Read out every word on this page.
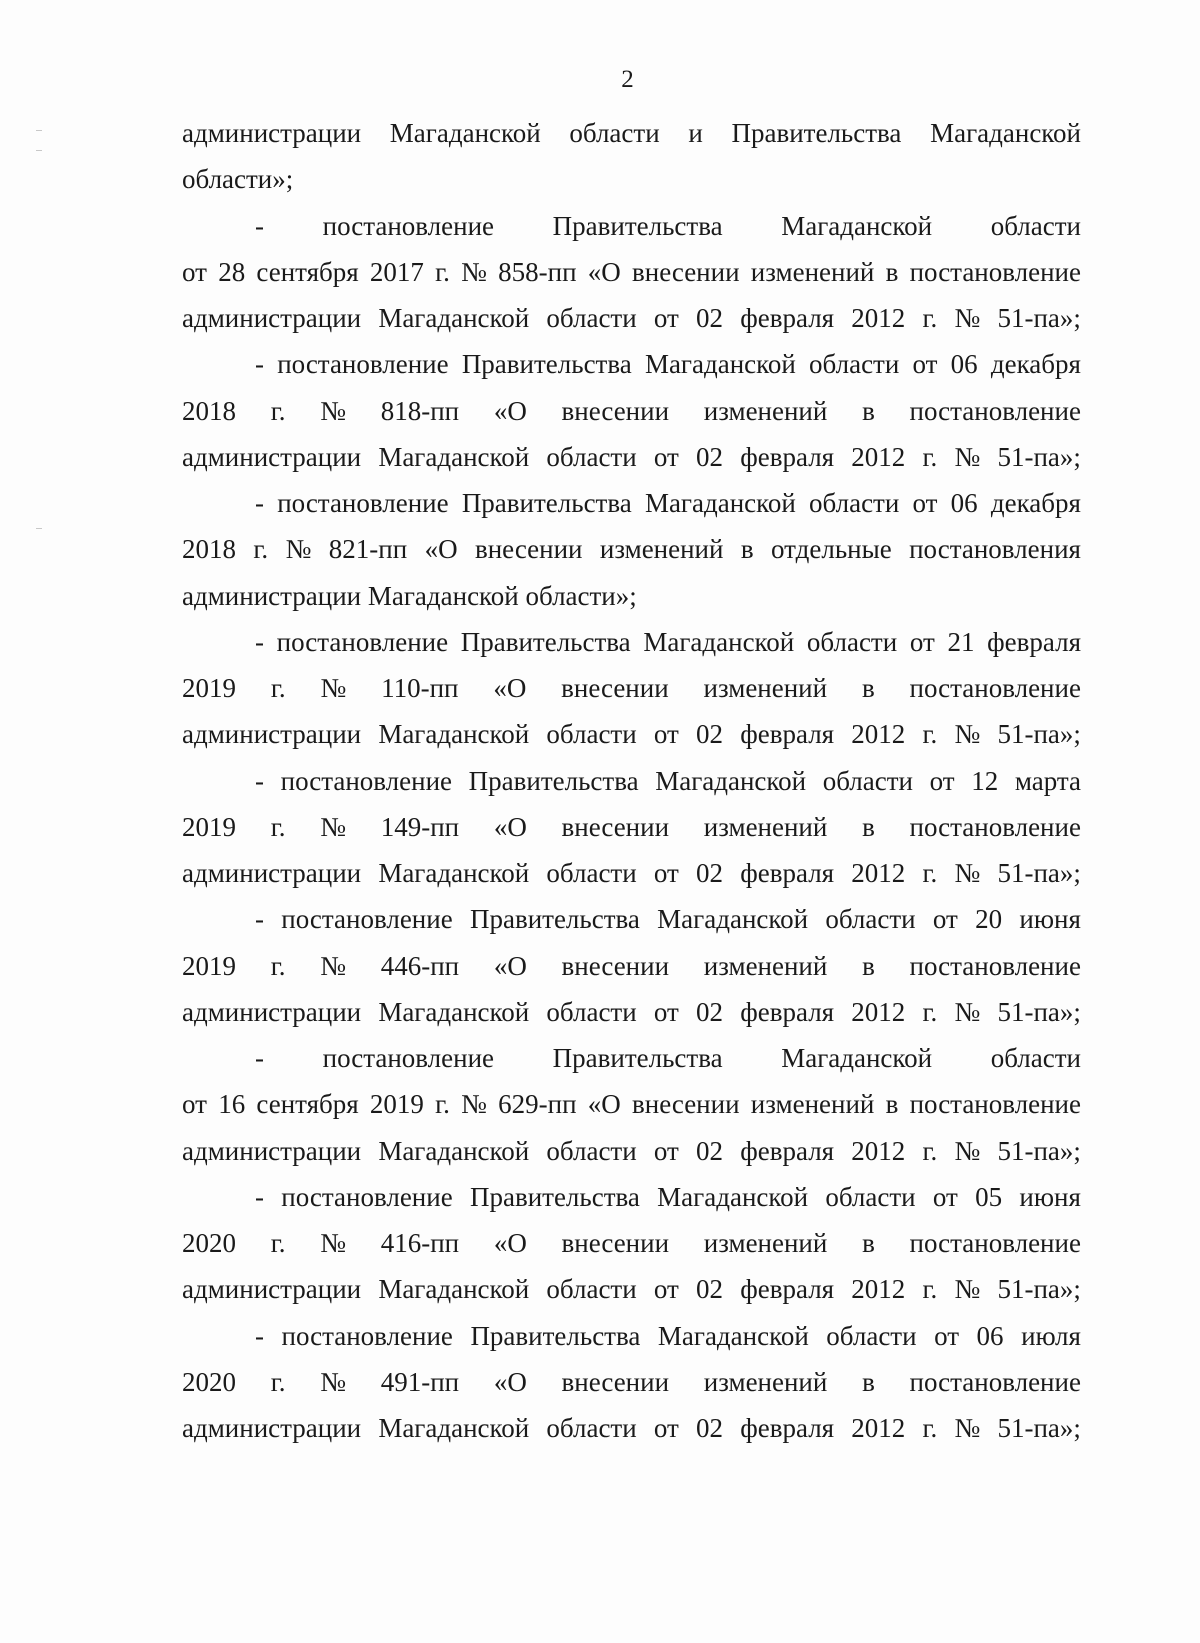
2
администрации Магаданской области и Правительства Магаданской
области»;
- постановление Правительства Магаданской области
от 28 сентября 2017 г. № 858-пп «О внесении изменений в постановление
администрации Магаданской области от 02 февраля 2012 г. № 51-па»;
- постановление Правительства Магаданской области от 06 декабря
2018 г. № 818-пп «О внесении изменений в постановление
администрации Магаданской области от 02 февраля 2012 г. № 51-па»;
- постановление Правительства Магаданской области от 06 декабря
2018 г. № 821-пп «О внесении изменений в отдельные постановления
администрации Магаданской области»;
- постановление Правительства Магаданской области от 21 февраля
2019 г. № 110-пп «О внесении изменений в постановление
администрации Магаданской области от 02 февраля 2012 г. № 51-па»;
- постановление Правительства Магаданской области от 12 марта
2019 г. № 149-пп «О внесении изменений в постановление
администрации Магаданской области от 02 февраля 2012 г. № 51-па»;
- постановление Правительства Магаданской области от 20 июня
2019 г. № 446-пп «О внесении изменений в постановление
администрации Магаданской области от 02 февраля 2012 г. № 51-па»;
- постановление Правительства Магаданской области
от 16 сентября 2019 г. № 629-пп «О внесении изменений в постановление
администрации Магаданской области от 02 февраля 2012 г. № 51-па»;
- постановление Правительства Магаданской области от 05 июня
2020 г. № 416-пп «О внесении изменений в постановление
администрации Магаданской области от 02 февраля 2012 г. № 51-па»;
- постановление Правительства Магаданской области от 06 июля
2020 г. № 491-пп «О внесении изменений в постановление
администрации Магаданской области от 02 февраля 2012 г. № 51-па»;
